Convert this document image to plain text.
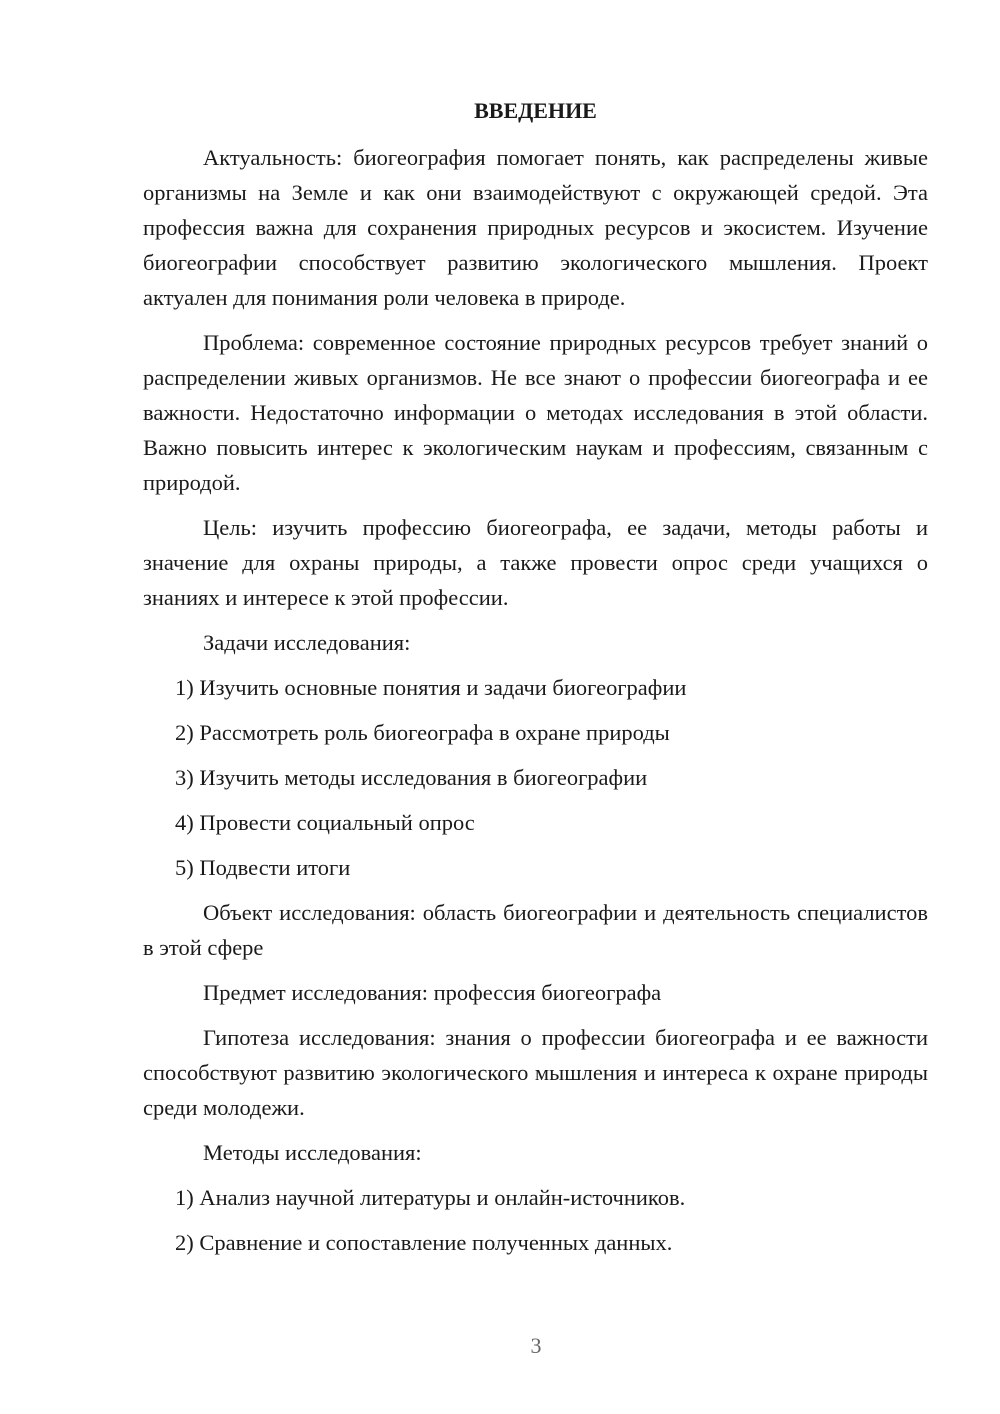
ВВЕДЕНИЕ

Актуальность: биогеография помогает понять, как распределены живые организмы на Земле и как они взаимодействуют с окружающей средой. Эта профессия важна для сохранения природных ресурсов и экосистем. Изучение биогеографии способствует развитию экологического мышления. Проект актуален для понимания роли человека в природе.

Проблема: современное состояние природных ресурсов требует знаний о распределении живых организмов. Не все знают о профессии биогеографа и ее важности. Недостаточно информации о методах исследования в этой области. Важно повысить интерес к экологическим наукам и профессиям, связанным с природой.

Цель: изучить профессию биогеографа, ее задачи, методы работы и значение для охраны природы, а также провести опрос среди учащихся о знаниях и интересе к этой профессии.

Задачи исследования:

1) Изучить основные понятия и задачи биогеографии

2) Рассмотреть роль биогеографа в охране природы

3) Изучить методы исследования в биогеографии

4) Провести социальный опрос

5) Подвести итоги

Объект исследования: область биогеографии и деятельность специалистов в этой сфере

Предмет исследования: профессия биогеографа

Гипотеза исследования: знания о профессии биогеографа и ее важности способствуют развитию экологического мышления и интереса к охране природы среди молодежи.

Методы исследования:

1) Анализ научной литературы и онлайн-источников.

2) Сравнение и сопоставление полученных данных.

3
